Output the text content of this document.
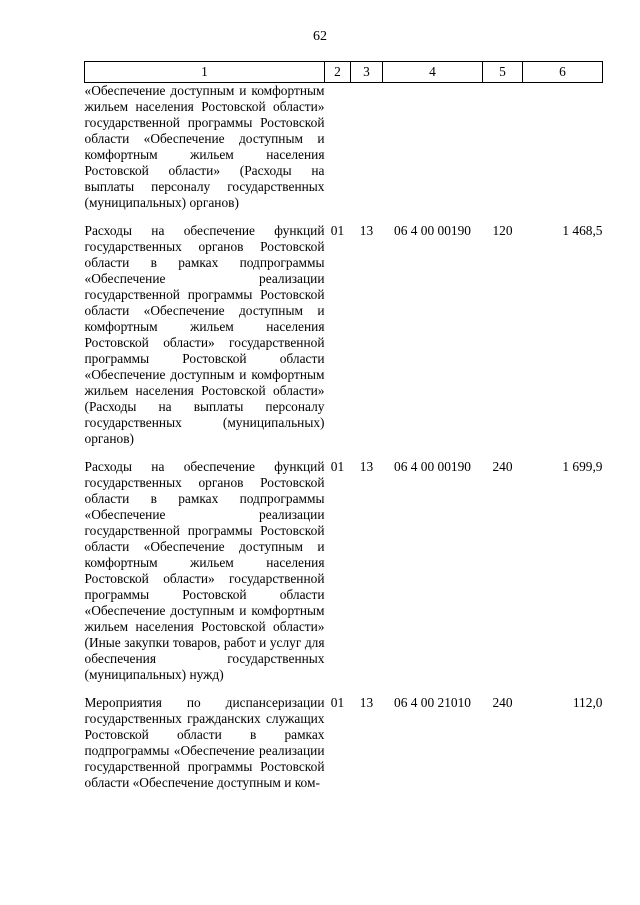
62
1	2	3	4	5	6
«Обеспечение доступным и комфортным жильем населения Ростовской области» государственной программы Ростовской области «Обеспечение доступным и комфортным жильем населения Ростовской области» (Расходы на выплаты персоналу государственных (муниципальных) органов)					
Расходы на обеспечение функций государственных органов Ростовской области в рамках подпрограммы «Обеспечение реализации государственной программы Ростовской области «Обеспечение доступным и комфортным жильем населения Ростовской области» государственной программы Ростовской области «Обеспечение доступным и комфортным жильем населения Ростовской области» (Расходы на выплаты персоналу государственных (муниципальных) органов)	01	13	06 4 00 00190	120	1 468,5
Расходы на обеспечение функций государственных органов Ростовской области в рамках подпрограммы «Обеспечение реализации государственной программы Ростовской области «Обеспечение доступным и комфортным жильем населения Ростовской области» государственной программы Ростовской области «Обеспечение доступным и комфортным жильем населения Ростовской области» (Иные закупки товаров, работ и услуг для обеспечения государственных (муниципальных) нужд)	01	13	06 4 00 00190	240	1 699,9
Мероприятия по диспансеризации государственных гражданских служащих Ростовской области в рамках подпрограммы «Обеспечение реализации государственной программы Ростовской области «Обеспечение доступным и ком-	01	13	06 4 00 21010	240	112,0
